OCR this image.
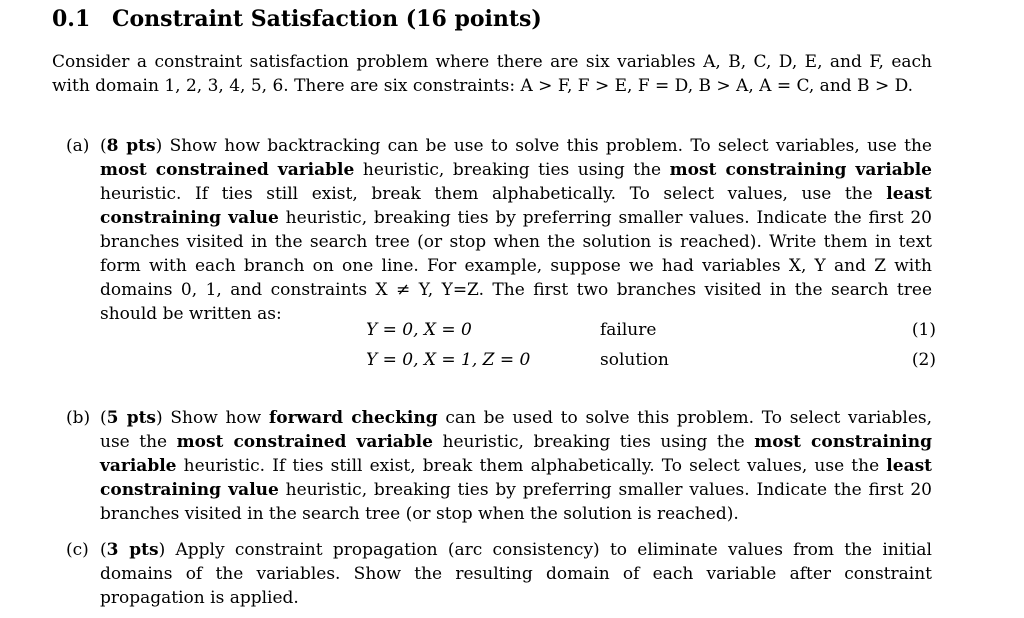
0.1 Constraint Satisfaction (16 points)
Consider a constraint satisfaction problem where there are six variables A, B, C, D, E, and F, each with domain 1, 2, 3, 4, 5, 6. There are six constraints: A > F, F > E, F = D, B > A, A = C, and B > D.
(a) (8 pts) Show how backtracking can be use to solve this problem. To select variables, use the most constrained variable heuristic, breaking ties using the most constraining variable heuristic. If ties still exist, break them alphabetically. To select values, use the least constraining value heuristic, breaking ties by preferring smaller values. Indicate the first 20 branches visited in the search tree (or stop when the solution is reached). Write them in text form with each branch on one line. For example, suppose we had variables X, Y and Z with domains 0, 1, and constraints X ≠ Y, Y=Z. The first two branches visited in the search tree should be written as:
Y = 0, X = 0	failure	(1)
Y = 0, X = 1, Z = 0	solution	(2)
(b) (5 pts) Show how forward checking can be used to solve this problem. To select variables, use the most constrained variable heuristic, breaking ties using the most constraining variable heuristic. If ties still exist, break them alphabetically. To select values, use the least constraining value heuristic, breaking ties by preferring smaller values. Indicate the first 20 branches visited in the search tree (or stop when the solution is reached).
(c) (3 pts) Apply constraint propagation (arc consistency) to eliminate values from the initial domains of the variables. Show the resulting domain of each variable after constraint propagation is applied.
